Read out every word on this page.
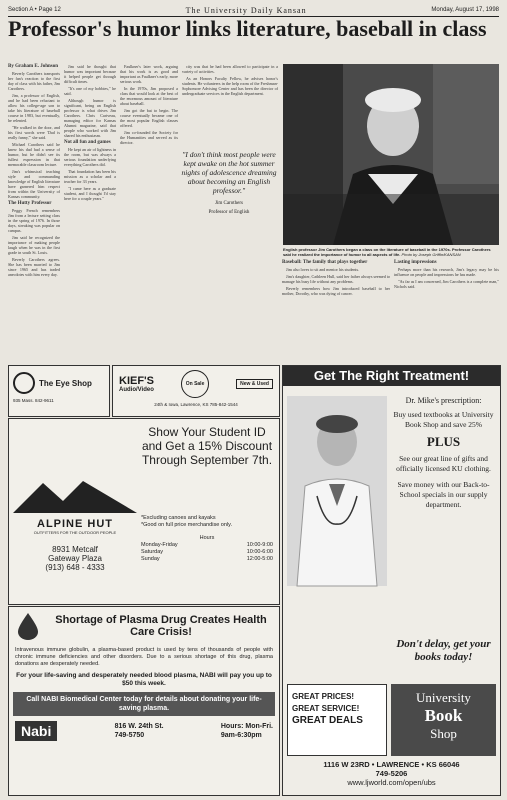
Section A • Page 12	The University Daily Kansan	Monday, August 17, 1998
Professor's humor links literature, baseball in class
By Graham E. Johnson

Beverly Carothers transports her fan's reaction to the first day of class with his father, Jim Carothers.

Jim, a professor of English, and he had been reluctant to allow his college-age son to take his literature of baseball course in 1983, but eventually, he relented.

"He walked in the door, and his first words were 'Dad is really funny,'" she said.

Michael Carothers said he knew his dad had a sense of humor, but he didn't see its fullest expression in that memorable classroom lecture.

Jim's whimsical teaching style and commanding knowledge of English literature have garnered him respect from within the University of Kansas community.

The Hutty Professor

Peggy French remembers Jim from a lecture setting class in the spring of 1976. In those days, streaking was popular on campus.

Jim said he recognized the importance of making people laugh when he was in the first grade in south St. Louis.

Beverly Carothers agrees. She has been married to Jim since 1965 and has traded anecdotes with him every day.

Jim said he thought that humor was important because it helped people get through difficult times.

"It's one of my hobbies," he said.

Although humor is significant, being an English professor is what drives Jim Carothers. Chris Cariveau, managing editor for Kansas Alumni magazine, said that people who worked with Jim shared his enthusiasm.

Not all fun and games

He kept an air of lightness in the room, but was always a serious foundation underlying everything Carothers did.

That foundation has been his mission as a scholar and a teacher for 33 years.

"I came here as a graduate student, and I thought I'd stay here for a couple years."

Faulkner's later work, arguing that his work is as good and important as Faulkner's early, more serious work.

In the 1970s, Jim proposed a class that would look at the best of the enormous amount of literature about baseball.

Jim got the bat to begin. The course eventually became one of the most popular English classes offered.

Jim co-founded the Society for the Humanities and served as its director.

city was that he had been allowed to participate in a variety of activities.

As an Honors Faculty Fellow, he advises honor's students. He volunteers in the help room of the Freshman-Sophomore Advising Center and has been the director of undergraduate services in the English department.

"I don't think most people were kept awake on the hot summer nights of adolescence dreaming about becoming an English professor."
Jim Carothers
Professor of English
English professor Jim Carothers began a class on the literature of baseball in the 1970s. Professor Carothers said he realized the importance of humor to all aspects of life. Photo by Joseph Griffin/KANSAN
Baseball: The family that plays together

Jim also loves to sit and mentor his students.

Jim's daughter, Cathleen Hull, said her father always seemed to manage his busy life without any problems.

Beverly remembers how Jim introduced baseball to her mother, Dorothy, who was dying of cancer.

Lasting impressions

Perhaps more than his research, Jim's legacy may be his influence on people and impressions he has made.

"As far as I am concerned, Jim Carothers is a complete man," Nichols said.

The Eye Shop
935 Mass. 842-9611
KIEF'S
Audio/Video
On Sale	New & Used
24th & Iowa, Lawrence, KS 785-842-1544
ALPINE HUT
OUTFITTERS FOR THE OUTDOOR PEOPLE
8931 Metcalf
Gateway Plaza
(913) 648 - 4333
Show Your Student ID and Get a 15% Discount Through September 7th.
*Excluding canoes and kayaks
*Good on full price merchandise only.
Hours
Monday-Friday	10:00-9:00
Saturday	10:00-6:00
Sunday	12:00-5:00
Shortage of Plasma Drug Creates Health Care Crisis!
Intravenous immune globulin, a plasma-based product is used by tens of thousands of people with chronic immune deficiencies and other disorders. Due to a serious shortage of this drug, plasma donations are desperately needed.
For your life-saving and desperately needed blood plasma, NABI will pay you up to $50 this week.
Call NABI Biomedical Center today for details about donating your life-saving plasma.
Nabi	816 W. 24th St.
749-5750
Hours: Mon-Fri.
9am-6:30pm
Get The Right Treatment!
Dr. Mike's prescription:
Buy used textbooks at University Book Shop and save 25%
PLUS
See our great line of gifts and officially licensed KU clothing.
Save money with our Back-to-School specials in our supply department.
Don't delay, get your books today!
GREAT PRICES!
GREAT SERVICE!
GREAT DEALS
University
Book
Shop
1116 W 23RD • LAWRENCE • KS 66046
749-5206
www.ljworld.com/open/ubs
